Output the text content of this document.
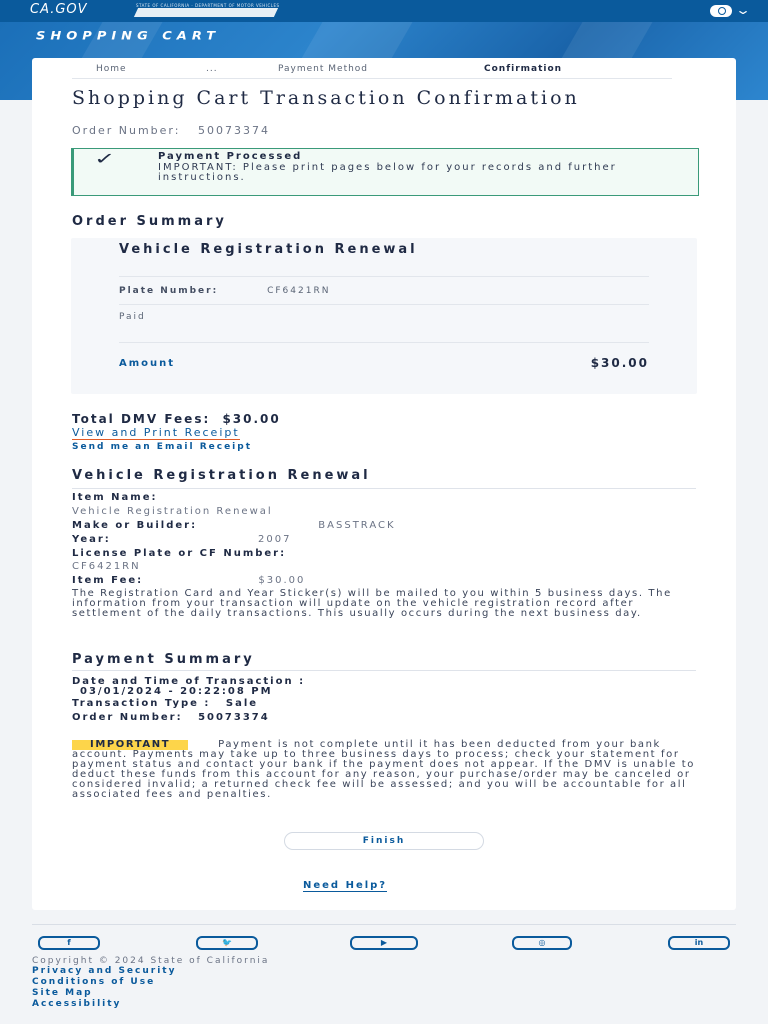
CA.GOV	STATE OF CALIFORNIA · DEPARTMENT OF MOTOR VEHICLES	⌄
SHOPPING CART
Home	...	Payment Method	Confirmation
Shopping Cart Transaction Confirmation
Order Number: 50073374
✓	Payment Processed
IMPORTANT: Please print pages below for your records and further instructions.
Order Summary
Vehicle Registration Renewal
Plate Number:	CF6421RN
Paid
Amount	$30.00
Total DMV Fees: $30.00
View and Print Receipt
Send me an Email Receipt
Vehicle Registration Renewal
Item Name:
Vehicle Registration Renewal
Make or Builder:	BASSTRACK
Year:	2007
License Plate or CF Number:
CF6421RN
Item Fee:	$30.00
The Registration Card and Year Sticker(s) will be mailed to you within 5 business days. The information from your transaction will update on the vehicle registration record after settlement of the daily transactions. This usually occurs during the next business day.
Payment Summary
Date and Time of Transaction :
03/01/2024 - 20:22:08 PM
Transaction Type : Sale
Order Number: 50073374
IMPORTANT	Payment is not complete until it has been deducted from your bank account. Payments may take up to three business days to process; check your statement for payment status and contact your bank if the payment does not appear. If the DMV is unable to deduct these funds from this account for any reason, your purchase/order may be canceled or considered invalid; a returned check fee will be assessed; and you will be accountable for all associated fees and penalties.
Finish
Need Help?
f	🐦	▶	◎	in
Copyright © 2024 State of California
Privacy and Security
Conditions of Use
Site Map
Accessibility
